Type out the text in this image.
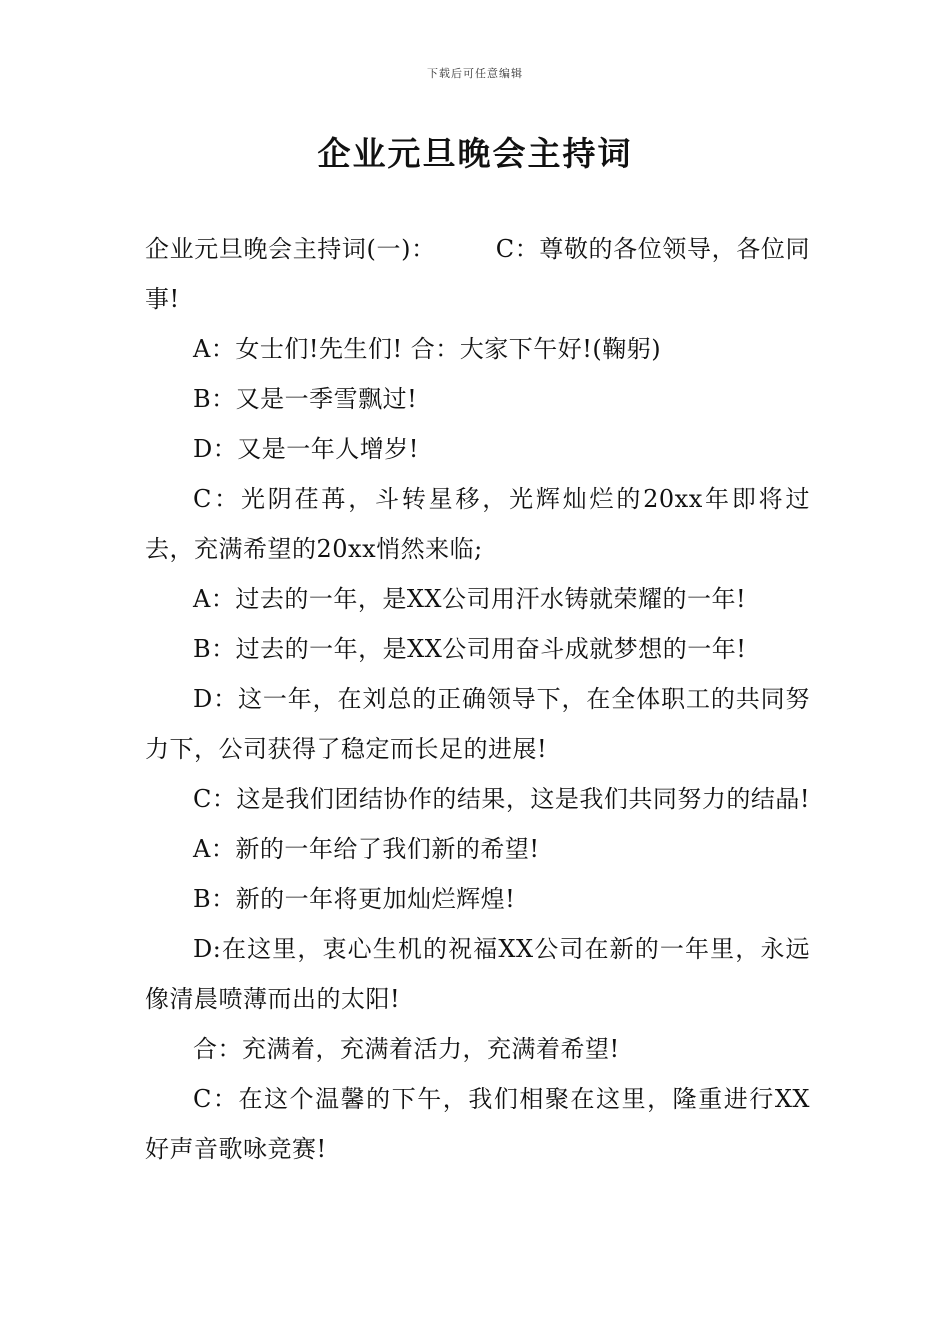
下载后可任意编辑
企业元旦晚会主持词

企业元旦晚会主持词(一)：	C：尊敬的各位领导，各位同事!

A：女士们!先生们! 合：大家下午好!(鞠躬)

B：又是一季雪飘过!

D：又是一年人增岁!

C：光阴荏苒，斗转星移，光辉灿烂的20xx年即将过去，充满希望的20xx悄然来临;

A：过去的一年，是XX公司用汗水铸就荣耀的一年!

B：过去的一年，是XX公司用奋斗成就梦想的一年!

D：这一年，在刘总的正确领导下，在全体职工的共同努力下，公司获得了稳定而长足的进展!

C：这是我们团结协作的结果，这是我们共同努力的结晶!

A：新的一年给了我们新的希望!

B：新的一年将更加灿烂辉煌!

D:在这里，衷心生机的祝福XX公司在新的一年里，永远像清晨喷薄而出的太阳!

合：充满着，充满着活力，充满着希望!

C：在这个温馨的下午，我们相聚在这里，隆重进行XX好声音歌咏竞赛!
